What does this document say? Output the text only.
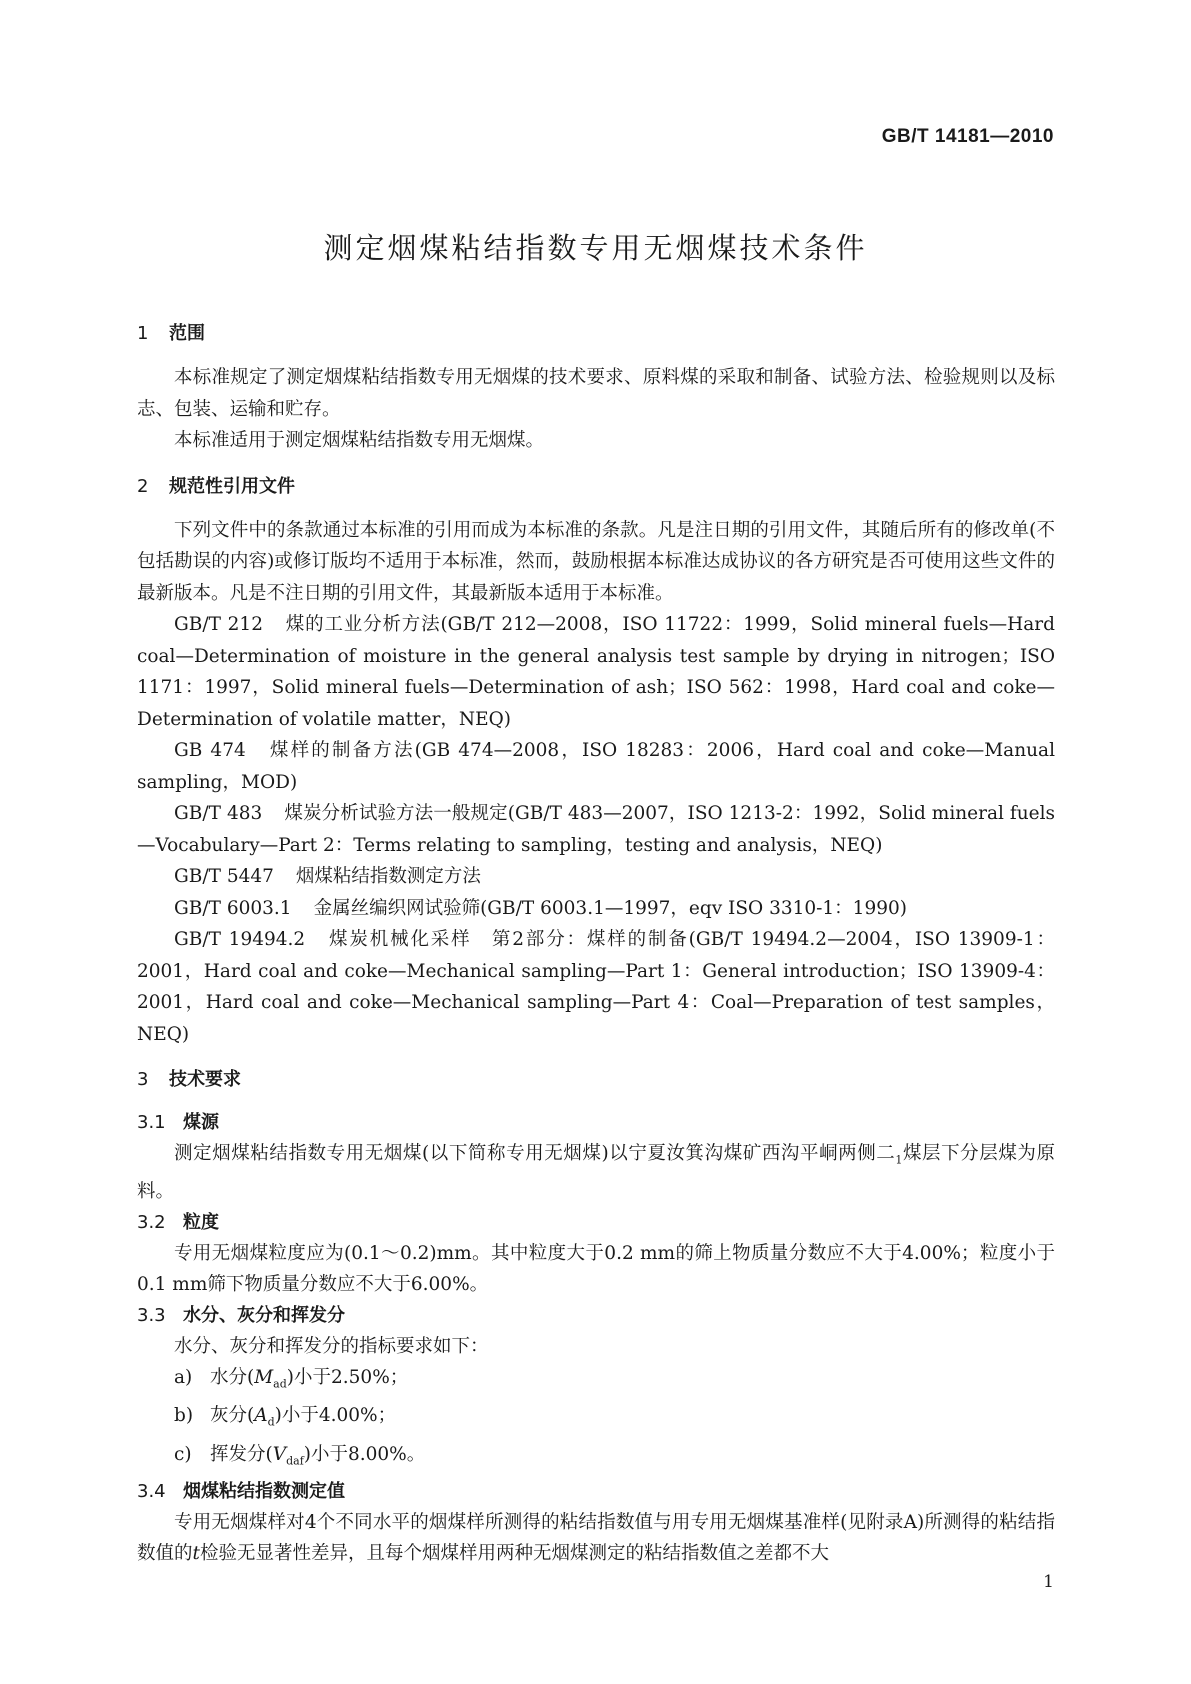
GB/T 14181—2010
测定烟煤粘结指数专用无烟煤技术条件
1 范围

本标准规定了测定烟煤粘结指数专用无烟煤的技术要求、原料煤的采取和制备、试验方法、检验规则以及标志、包装、运输和贮存。

本标准适用于测定烟煤粘结指数专用无烟煤。

2 规范性引用文件

下列文件中的条款通过本标准的引用而成为本标准的条款。凡是注日期的引用文件，其随后所有的修改单(不包括勘误的内容)或修订版均不适用于本标准，然而，鼓励根据本标准达成协议的各方研究是否可使用这些文件的最新版本。凡是不注日期的引用文件，其最新版本适用于本标准。

GB/T 212 煤的工业分析方法(GB/T 212—2008，ISO 11722：1999，Solid mineral fuels—Hard coal—Determination of moisture in the general analysis test sample by drying in nitrogen；ISO 1171：1997，Solid mineral fuels—Determination of ash；ISO 562：1998，Hard coal and coke—Determination of volatile matter，NEQ)

GB 474 煤样的制备方法(GB 474—2008，ISO 18283：2006，Hard coal and coke—Manual sampling，MOD)

GB/T 483 煤炭分析试验方法一般规定(GB/T 483—2007，ISO 1213-2：1992，Solid mineral fuels—Vocabulary—Part 2：Terms relating to sampling，testing and analysis，NEQ)

GB/T 5447 烟煤粘结指数测定方法

GB/T 6003.1 金属丝编织网试验筛(GB/T 6003.1—1997，eqv ISO 3310-1：1990)

GB/T 19494.2 煤炭机械化采样　第2部分：煤样的制备(GB/T 19494.2—2004，ISO 13909-1：2001，Hard coal and coke—Mechanical sampling—Part 1：General introduction；ISO 13909-4：2001，Hard coal and coke—Mechanical sampling—Part 4：Coal—Preparation of test samples，NEQ)

3 技术要求
3.1 煤源

测定烟煤粘结指数专用无烟煤(以下简称专用无烟煤)以宁夏汝箕沟煤矿西沟平峒两侧二$_1$煤层下分层煤为原料。

3.2 粒度

专用无烟煤粒度应为(0.1～0.2)mm。其中粒度大于0.2 mm的筛上物质量分数应不大于4.00%；粒度小于0.1 mm筛下物质量分数应不大于6.00%。

3.3 水分、灰分和挥发分

水分、灰分和挥发分的指标要求如下：

a) 水分$(M_{ad})$小于2.50%；

b) 灰分$(A_d)$小于4.00%；

c) 挥发分$(V_{daf})$小于8.00%。

3.4 烟煤粘结指数测定值

专用无烟煤样对4个不同水平的烟煤样所测得的粘结指数值与用专用无烟煤基准样(见附录A)所测得的粘结指数值的t检验无显著性差异，且每个烟煤样用两种无烟煤测定的粘结指数值之差都不大

1
